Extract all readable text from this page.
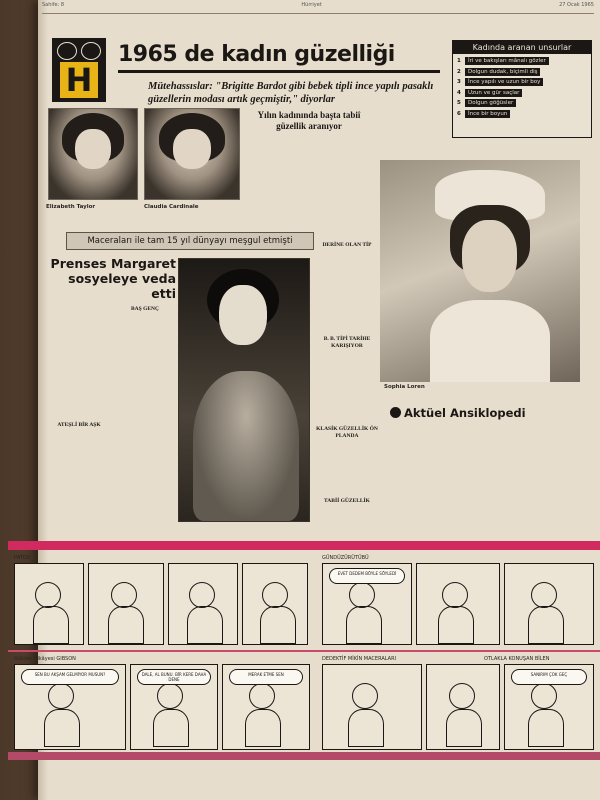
Sahife: 8	Hürriyet	27 Ocak 1965
H
1965 de kadın güzelliği	Kadında aranan unsurlar
1	İri ve bakışları mânalı gözler
2	Dolgun dudak, biçimli diş
3	İnce yapılı ve uzun bir boy
4	Uzun ve gür saçlar
5	Dolgun göğüsler
6	İnce bir boyun
Mütehassıslar: "Brigitte Bardot gibi bebek tipli ince yapılı pasaklı güzellerin modası artık geçmiştir," diyorlar
Elizabeth Taylor	Claudia Cardinale
Yılın kadınında başta tabiî güzellik aranıyor
Sophia Loren
DERİNE OLAN TİP
B. B. TİPİ TARİHE KARIŞIYOR
KLASİK GÜZELLİK ÖN PLANDA
TABİİ GÜZELLİK
Maceraları ile tam 15 yıl dünyayı meşgul etmişti
Prenses Margaret
sosyeleye veda etti
ATEŞLİ BİR AŞK
BAŞ GENÇ
Aktüel Ansiklopedi
PATOS	GÜNDÜZÜRÜTÜBÜ
EVET DEDEM BÖYLE SÖYLEDİ
Gülüler Hikâyesi GIBSON	DEDEKTİF MİKİN MACERALARI	OTLAKLA KONUŞAN BİLEN
SEN BU AKŞAM GELMİYOR MUSUN?	DALE, AL BUNU. BİR KERE DAHA DENE
MERAK ETME SEN	SANIRIM ÇOK GEÇ
